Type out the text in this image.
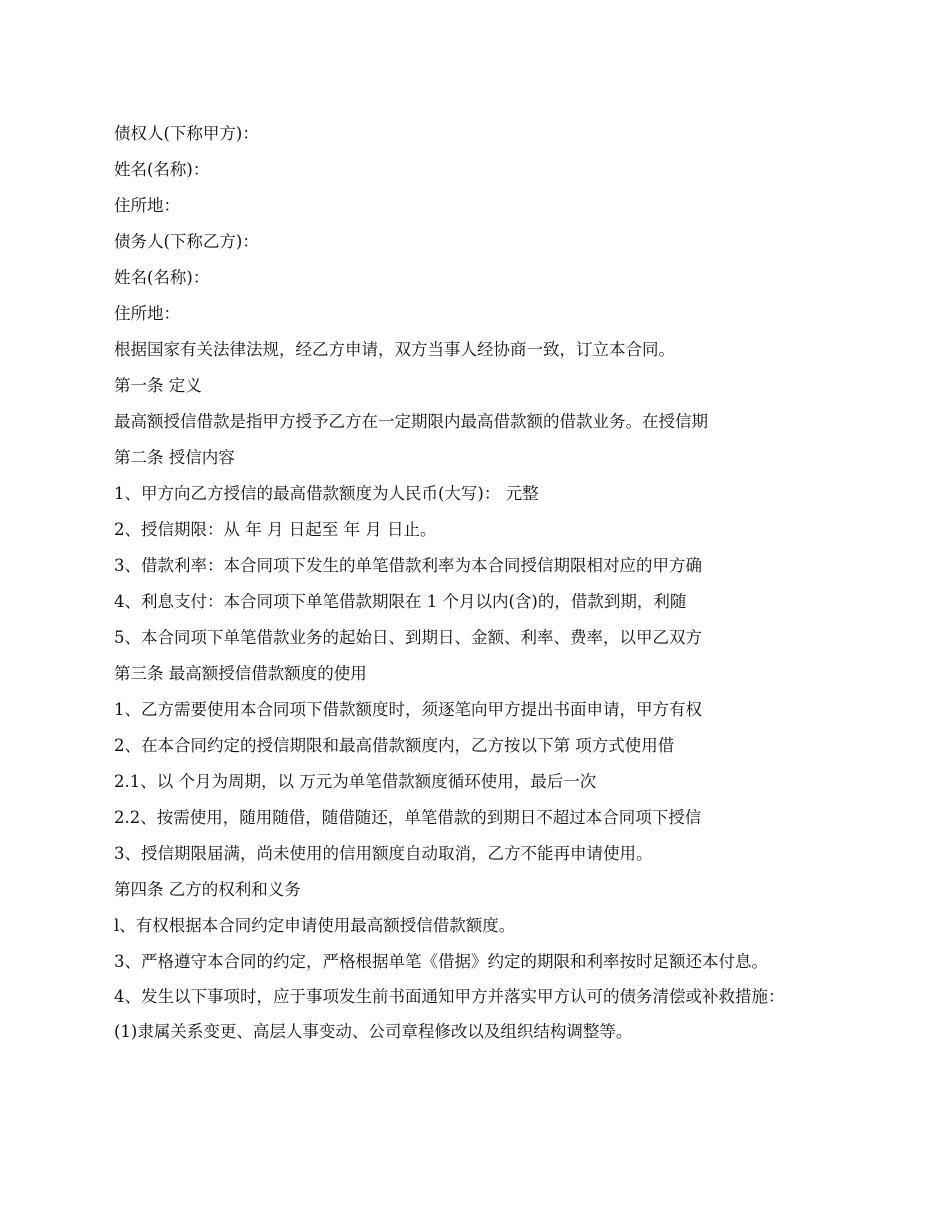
债权人(下称甲方)：

姓名(名称)：

住所地：

债务人(下称乙方)：

姓名(名称)：

住所地：

根据国家有关法律法规，经乙方申请，双方当事人经协商一致，订立本合同。

第一条 定义

最高额授信借款是指甲方授予乙方在一定期限内最高借款额的借款业务。在授信期

第二条 授信内容

1、甲方向乙方授信的最高借款额度为人民币(大写)： 元整

2、授信期限：从 年 月 日起至 年 月 日止。

3、借款利率：本合同项下发生的单笔借款利率为本合同授信期限相对应的甲方确

4、利息支付：本合同项下单笔借款期限在 1 个月以内(含)的，借款到期，利随

5、本合同项下单笔借款业务的起始日、到期日、金额、利率、费率，以甲乙双方

第三条 最高额授信借款额度的使用

1、乙方需要使用本合同项下借款额度时，须逐笔向甲方提出书面申请，甲方有权

2、在本合同约定的授信期限和最高借款额度内，乙方按以下第 项方式使用借

2.1、以 个月为周期，以 万元为单笔借款额度循环使用，最后一次

2.2、按需使用，随用随借，随借随还，单笔借款的到期日不超过本合同项下授信

3、授信期限届满，尚未使用的信用额度自动取消，乙方不能再申请使用。

第四条 乙方的权利和义务

l、有权根据本合同约定申请使用最高额授信借款额度。

3、严格遵守本合同的约定，严格根据单笔《借据》约定的期限和利率按时足额还本付息。

4、发生以下事项时，应于事项发生前书面通知甲方并落实甲方认可的债务清偿或补救措施：

(1)隶属关系变更、高层人事变动、公司章程修改以及组织结构调整等。
